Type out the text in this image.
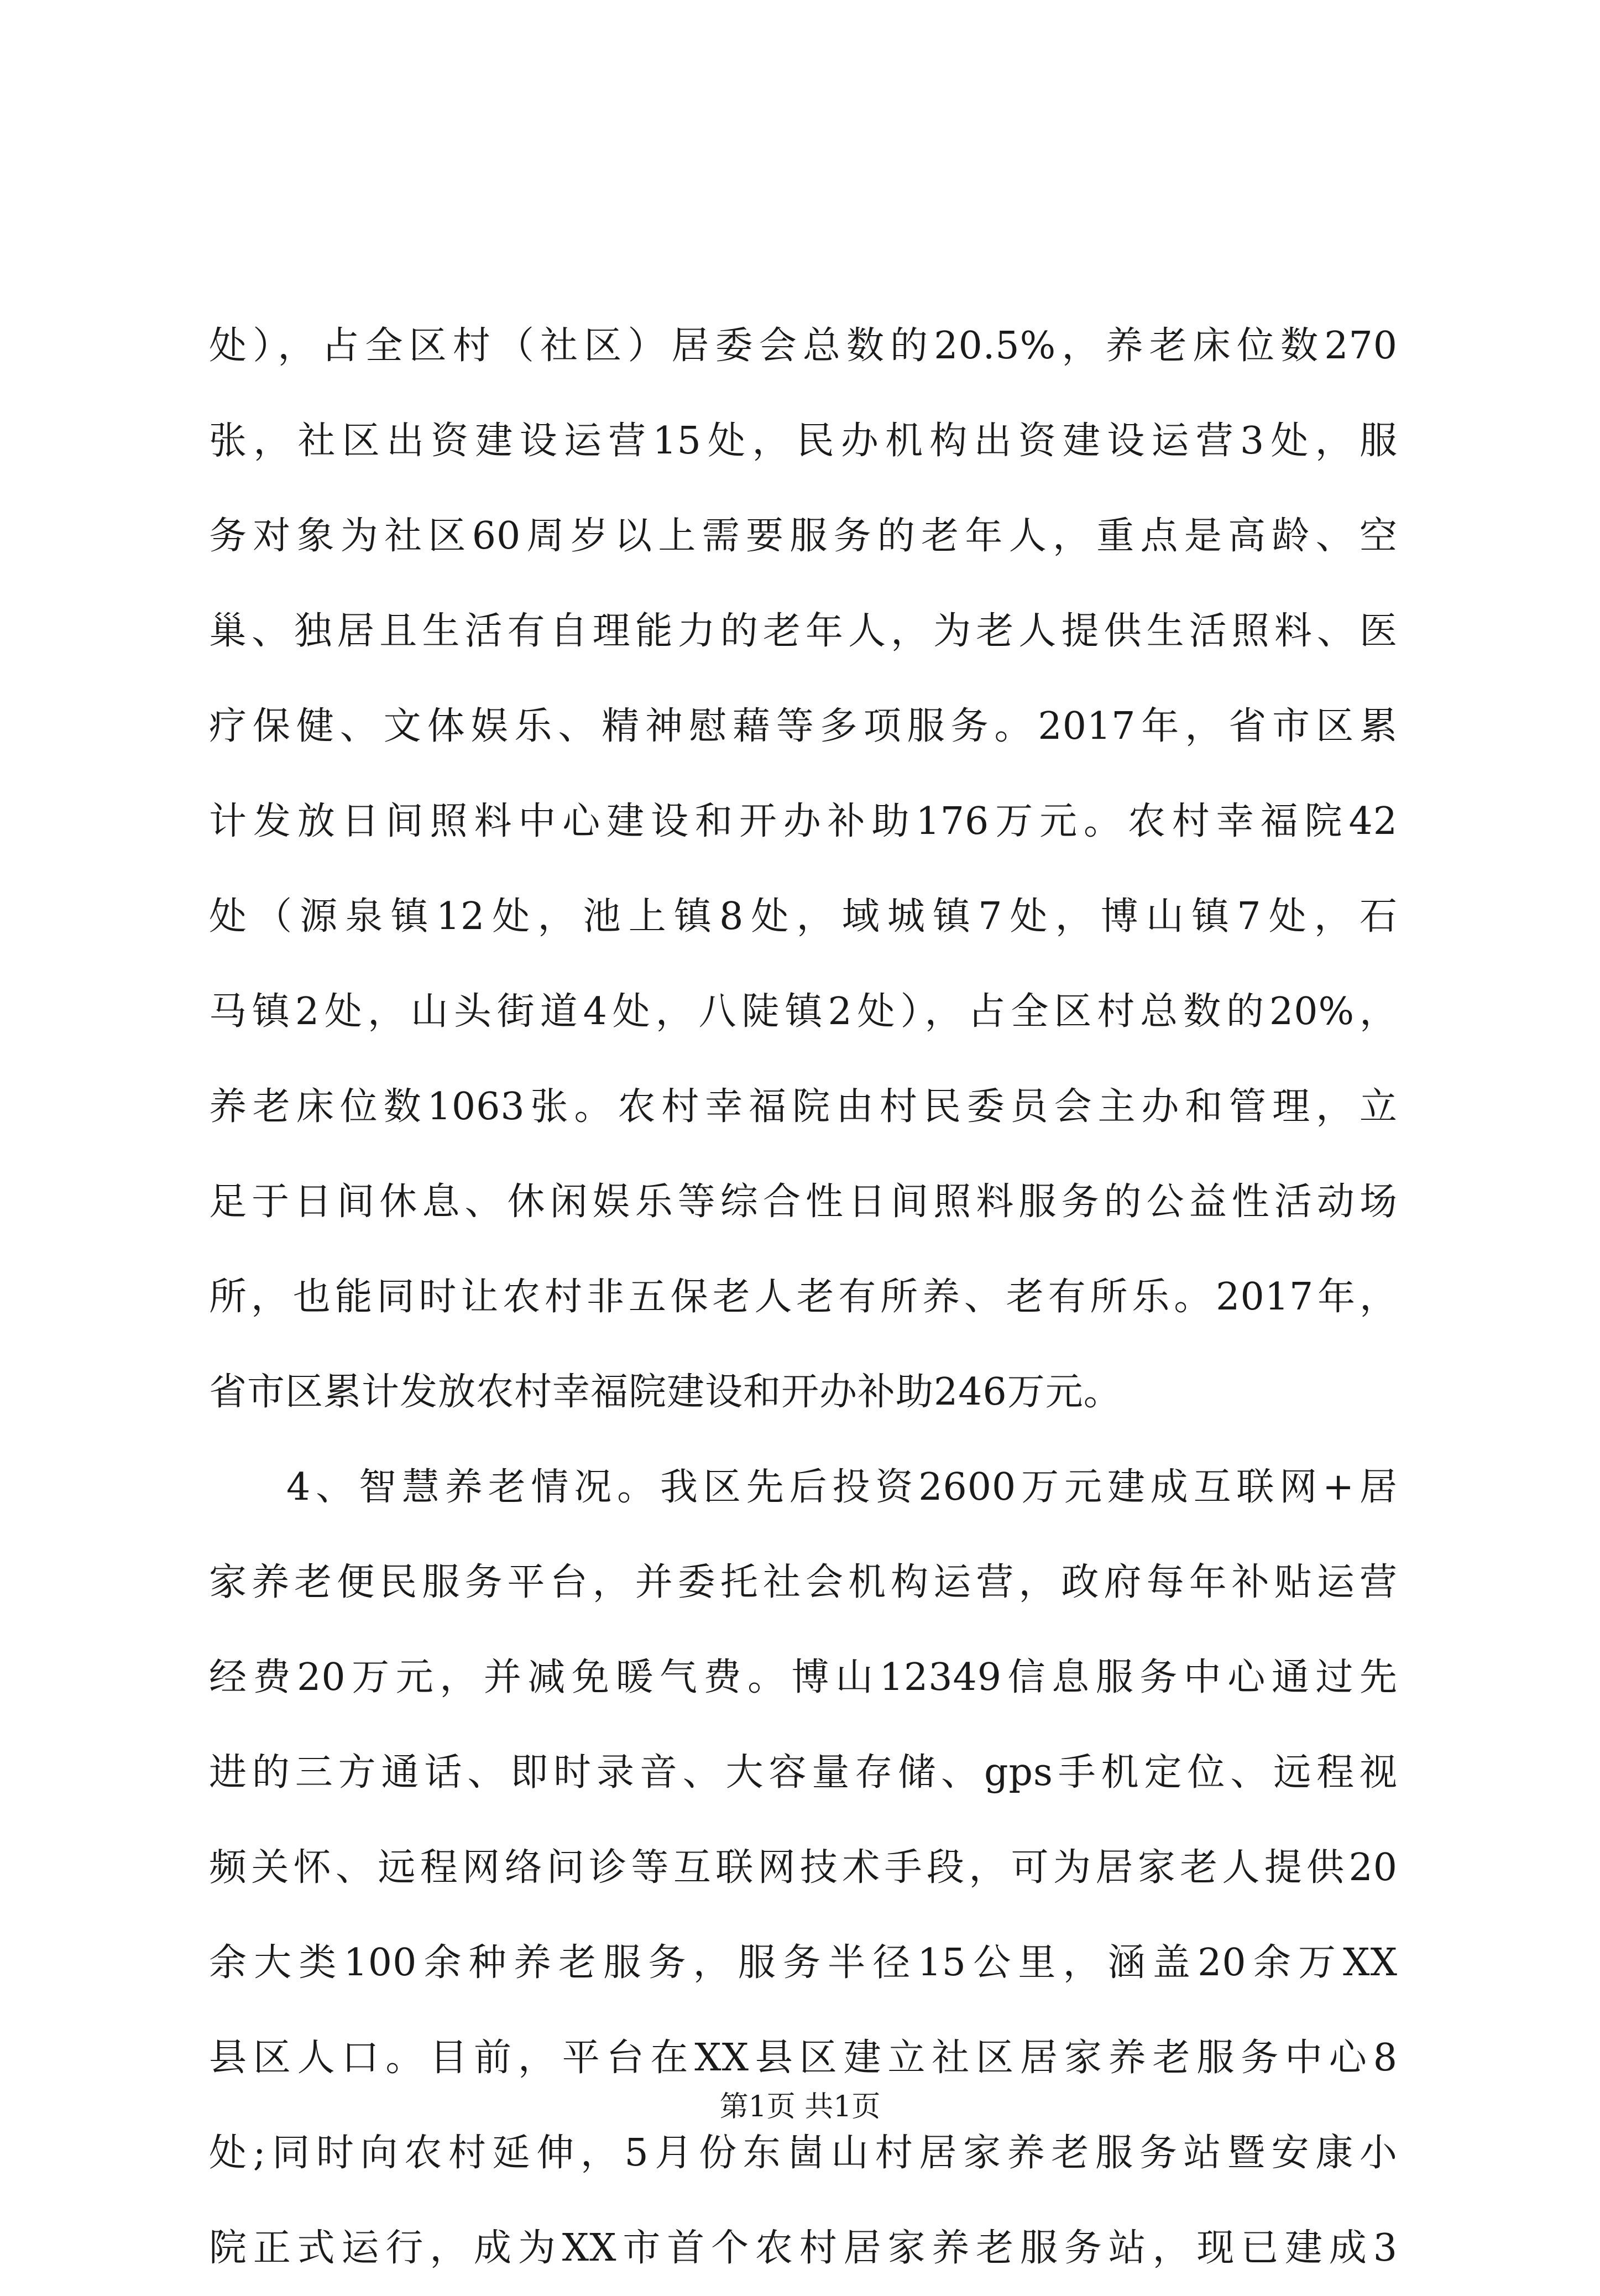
处），占全区村（社区）居委会总数的20.5%，养老床位数270
张，社区出资建设运营15处，民办机构出资建设运营3处，服
务对象为社区60周岁以上需要服务的老年人，重点是高龄、空
巢、独居且生活有自理能力的老年人，为老人提供生活照料、医
疗保健、文体娱乐、精神慰藉等多项服务。2017年，省市区累
计发放日间照料中心建设和开办补助176万元。农村幸福院42
处（源泉镇12处，池上镇8处，域城镇7处，博山镇7处，石
马镇2处，山头街道4处，八陡镇2处），占全区村总数的20%，
养老床位数1063张。农村幸福院由村民委员会主办和管理，立
足于日间休息、休闲娱乐等综合性日间照料服务的公益性活动场
所，也能同时让农村非五保老人老有所养、老有所乐。2017年，
省市区累计发放农村幸福院建设和开办补助246万元。
4、智慧养老情况。我区先后投资2600万元建成互联网+居
家养老便民服务平台，并委托社会机构运营，政府每年补贴运营
经费20万元，并减免暖气费。博山12349信息服务中心通过先
进的三方通话、即时录音、大容量存储、gps手机定位、远程视
频关怀、远程网络问诊等互联网技术手段，可为居家老人提供20
余大类100余种养老服务，服务半径15公里，涵盖20余万XX
县区人口。目前，平台在XX县区建立社区居家养老服务中心8
处;同时向农村延伸，5月份东崮山村居家养老服务站暨安康小
院正式运行，成为XX市首个农村居家养老服务站，现已建成3
第1页 共1页
